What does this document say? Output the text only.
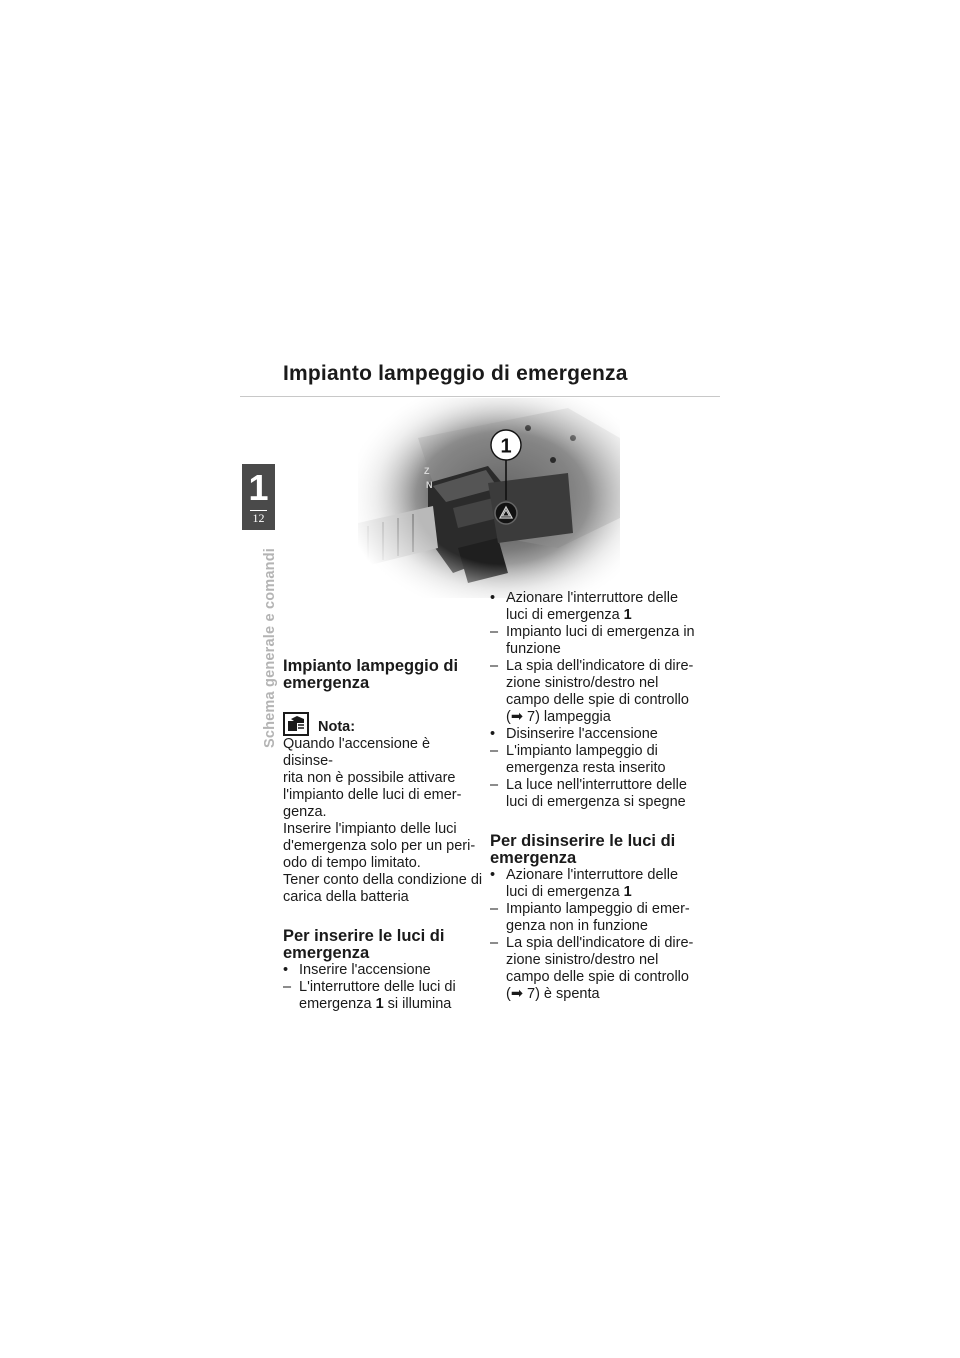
Impianto lampeggio di emergenza
1
12
Schema generale e comandi
1
Impianto lampeggio di emergenza
Nota:
Quando l'accensione è disinse-
rita non è possibile attivare
l'impianto delle luci di emer-
genza.
Inserire l'impianto delle luci
d'emergenza solo per un peri-
odo di tempo limitato.
Tener conto della condizione di
carica della batteria
Per inserire le luci di emergenza
• Inserire l'accensione
– L'interruttore delle luci di
emergenza 1 si illumina
• Azionare l'interruttore delle
luci di emergenza 1
– Impianto luci di emergenza in
funzione
– La spia dell'indicatore di dire-
zione sinistro/destro nel
campo delle spie di controllo
(➡ 7) lampeggia
• Disinserire l'accensione
– L'impianto lampeggio di
emergenza resta inserito
– La luce nell'interruttore delle
luci di emergenza si spegne
Per disinserire le luci di emergenza
• Azionare l'interruttore delle
luci di emergenza 1
– Impianto lampeggio di emer-
genza non in funzione
– La spia dell'indicatore di dire-
zione sinistro/destro nel
campo delle spie di controllo
(➡ 7) è spenta
